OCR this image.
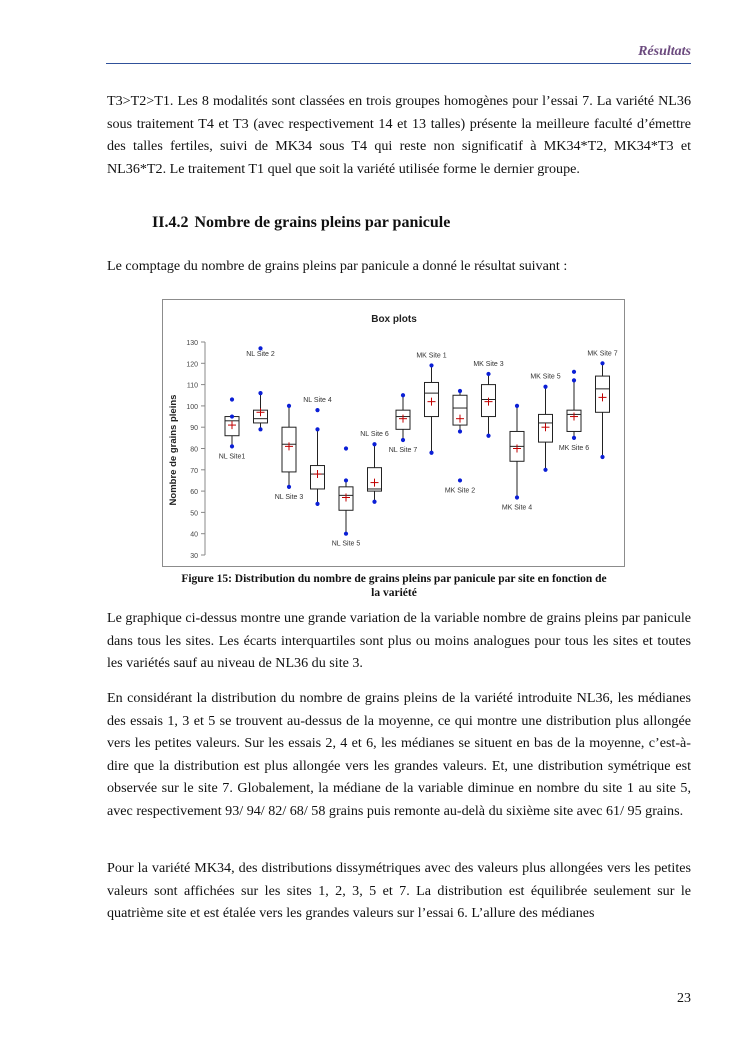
Résultats

T3>T2>T1. Les 8 modalités sont classées en trois groupes homogènes pour l’essai 7. La variété NL36 sous traitement T4 et T3 (avec respectivement 14 et 13 talles) présente la meilleure faculté d’émettre des talles fertiles, suivi de MK34 sous T4 qui reste non significatif à MK34*T2, MK34*T3 et NL36*T2. Le traitement T1 quel que soit la variété utilisée forme le dernier groupe.

II.4.2 Nombre de grains pleins par panicule

Le comptage du nombre de grains pleins par panicule a donné le résultat suivant :

Box plots
Nombre de grains pleins
30
40
50
60
70
80
90
100
110
120
130
NL Site1
NL Site 2
NL Site 3
NL Site 4
NL Site 5
NL Site 6
NL Site 7
MK Site 1
MK Site 2
MK Site 3
MK Site 4
MK Site 5
MK Site 6
MK Site 7

Figure 15: Distribution du nombre de grains pleins par panicule par site en fonction de
la variété

Le graphique ci-dessus montre une grande variation de la variable nombre de grains pleins par panicule dans tous les sites. Les écarts interquartiles sont plus ou moins analogues pour tous les sites et toutes les variétés sauf au niveau de NL36 du site 3.

En considérant la distribution du nombre de grains pleins de la variété introduite NL36, les médianes des essais 1, 3 et 5 se trouvent au-dessus de la moyenne, ce qui montre une distribution plus allongée vers les petites valeurs. Sur les essais 2, 4 et 6, les médianes se situent en bas de la moyenne, c’est-à-dire que la distribution est plus allongée vers les grandes valeurs. Et, une distribution symétrique est observée sur le site 7. Globalement, la médiane de la variable diminue en nombre du site 1 au site 5, avec respectivement 93/ 94/ 82/ 68/ 58 grains puis remonte au-delà du sixième site avec 61/ 95 grains.

Pour la variété MK34, des distributions dissymétriques avec des valeurs plus allongées vers les petites valeurs sont affichées sur les sites 1, 2, 3, 5 et 7. La distribution est équilibrée seulement sur le quatrième site et est étalée vers les grandes valeurs sur l’essai 6. L’allure des médianes

23
